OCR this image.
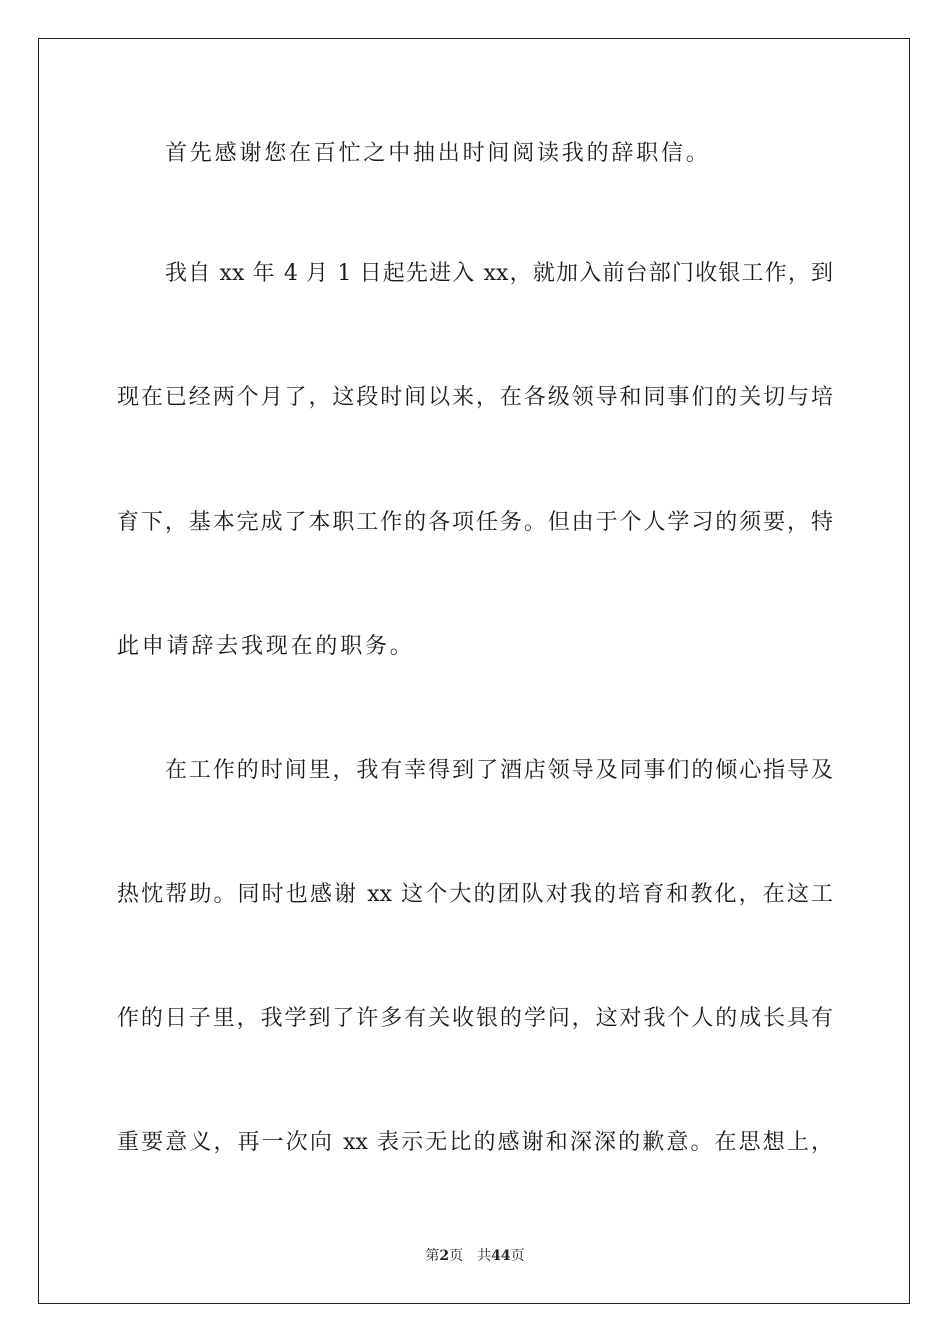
首先感谢您在百忙之中抽出时间阅读我的辞职信。
我自 xx 年 4 月 1 日起先进入 xx，就加入前台部门收银工作，到
现在已经两个月了，这段时间以来，在各级领导和同事们的关切与培
育下，基本完成了本职工作的各项任务。但由于个人学习的须要，特
此申请辞去我现在的职务。
在工作的时间里，我有幸得到了酒店领导及同事们的倾心指导及
热忱帮助。同时也感谢 xx 这个大的团队对我的培育和教化，在这工
作的日子里，我学到了许多有关收银的学问，这对我个人的成长具有
重要意义，再一次向 xx 表示无比的感谢和深深的歉意。在思想上，
第2页 共44页
